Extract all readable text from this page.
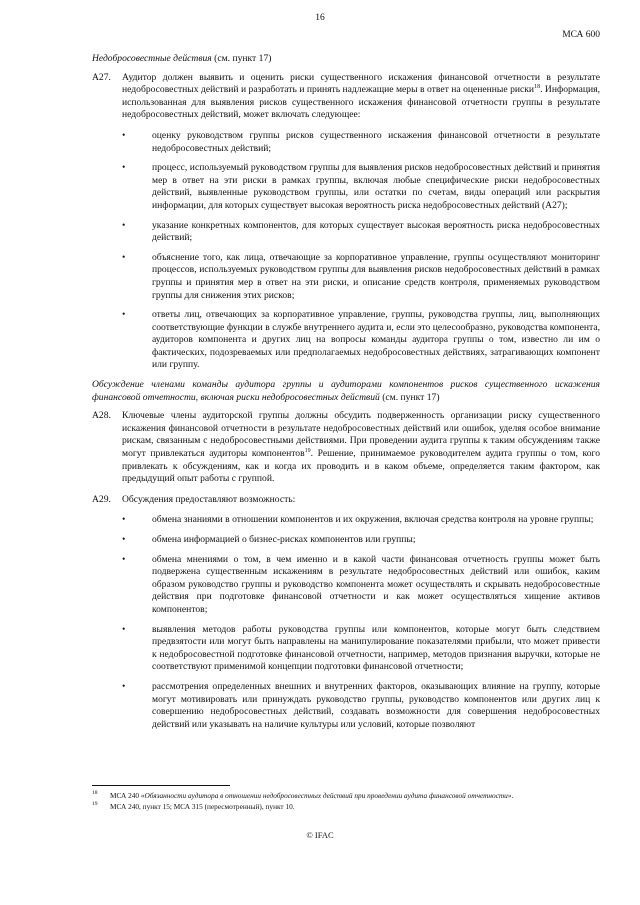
16
МСА 600

Недобросовестные действия (см. пункт 17)

А27. Аудитор должен выявить и оценить риски существенного искажения финансовой отчетности в результате недобросовестных действий и разработать и принять надлежащие меры в ответ на оцененные риски$^{18}$. Информация, использованная для выявления рисков существенного искажения финансовой отчетности группы в результате недобросовестных действий, может включать следующее:
• оценку руководством группы рисков существенного искажения финансовой отчетности в результате недобросовестных действий;
• процесс, используемый руководством группы для выявления рисков недобросовестных действий и принятия мер в ответ на эти риски в рамках группы, включая любые специфические риски недобросовестных действий, выявленные руководством группы, или остатки по счетам, виды операций или раскрытия информации, для которых существует высокая вероятность риска недобросовестных действий (А27);
• указание конкретных компонентов, для которых существует высокая вероятность риска недобросовестных действий;
• объяснение того, как лица, отвечающие за корпоративное управление, группы осуществляют мониторинг процессов, используемых руководством группы для выявления рисков недобросовестных действий в рамках группы и принятия мер в ответ на эти риски, и описание средств контроля, применяемых руководством группы для снижения этих рисков;
• ответы лиц, отвечающих за корпоративное управление, группы, руководства группы, лиц, выполняющих соответствующие функции в службе внутреннего аудита и, если это целесообразно, руководства компонента, аудиторов компонента и других лиц на вопросы команды аудитора группы о том, известно ли им о фактических, подозреваемых или предполагаемых недобросовестных действиях, затрагивающих компонент или группу.

Обсуждение членами команды аудитора группы и аудиторами компонентов рисков существенного искажения финансовой отчетности, включая риски недобросовестных действий (см. пункт 17)

А28. Ключевые члены аудиторской группы должны обсудить подверженность организации риску существенного искажения финансовой отчетности в результате недобросовестных действий или ошибок, уделяя особое внимание рискам, связанным с недобросовестными действиями. При проведении аудита группы к таким обсуждениям также могут привлекаться аудиторы компонентов$^{19}$. Решение, принимаемое руководителем аудита группы о том, кого привлекать к обсуждениям, как и когда их проводить и в каком объеме, определяется таким фактором, как предыдущий опыт работы с группой.
А29. Обсуждения предоставляют возможность:
• обмена знаниями в отношении компонентов и их окружения, включая средства контроля на уровне группы;
• обмена информацией о бизнес-рисках компонентов или группы;
• обмена мнениями о том, в чем именно и в какой части финансовая отчетность группы может быть подвержена существенным искажениям в результате недобросовестных действий или ошибок, каким образом руководство группы и руководство компонента может осуществлять и скрывать недобросовестные действия при подготовке финансовой отчетности и как может осуществляться хищение активов компонентов;
• выявления методов работы руководства группы или компонентов, которые могут быть следствием предвзятости или могут быть направлены на манипулирование показателями прибыли, что может привести к недобросовестной подготовке финансовой отчетности, например, методов признания выручки, которые не соответствуют применимой концепции подготовки финансовой отчетности;
• рассмотрения определенных внешних и внутренних факторов, оказывающих влияние на группу, которые могут мотивировать или принуждать руководство группы, руководство компонентов или других лиц к совершению недобросовестных действий, создавать возможности для совершения недобросовестных действий или указывать на наличие культуры или условий, которые позволяют
18 МСА 240 «Обязанности аудитора в отношении недобросовестных действий при проведении аудита финансовой отчетности».
19 МСА 240, пункт 15; МСА 315 (пересмотренный), пункт 10.
© IFAC
